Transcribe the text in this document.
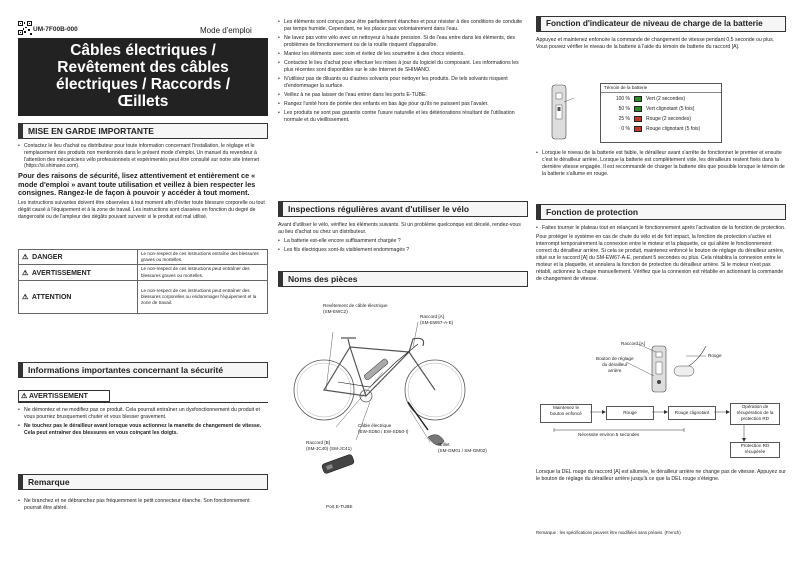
UM-7F00B-000	Mode d'emploi
Câbles électriques /
Revêtement des câbles
électriques / Raccords /
Œillets
MISE EN GARDE IMPORTANTE
• Contactez le lieu d'achat ou distributeur pour toute information concernant l'installation, le réglage et le remplacement des produits non mentionnés dans le présent mode d'emploi. Un manuel du revendeur à l'attention des mécaniciens vélo professionnels et expérimentés peut être consulté sur notre site Internet (https://si.shimano.com).
Pour des raisons de sécurité, lisez attentivement et entièrement ce « mode d'emploi » avant toute utilisation et veillez à bien respecter les consignes. Rangez-le de façon à pouvoir y accéder à tout moment.
Les instructions suivantes doivent être observées à tout moment afin d'éviter toute blessure corporelle ou tout dégât causé à l'équipement et à la zone de travail. Les instructions sont classées en fonction du degré de dangerosité ou de l'ampleur des dégâts pouvant survenir si le produit est mal utilisé.
⚠ DANGER	Le non-respect de ces instructions entraîne des blessures graves ou mortelles.
⚠ AVERTISSEMENT	Le non-respect de ces instructions peut entraîner des blessures graves ou mortelles.
⚠ ATTENTION	Le non-respect de ces instructions peut entraîner des blessures corporelles ou endommager l'équipement et la zone de travail.
Informations importantes concernant la sécurité
⚠ AVERTISSEMENT
• Ne démontez et ne modifiez pas ce produit. Cela pourrait entraîner un dysfonctionnement du produit et vous pourriez brusquement chuter et vous blesser gravement.
• Ne touchez pas le dérailleur avant lorsque vous actionnez la manette de changement de vitesse. Cela peut entraîner des blessures en vous coinçant les doigts.
Remarque
• Ne branchez et ne débranchez pas fréquemment le petit connecteur étanche. Son fonctionnement pourrait être altéré.
• Les éléments sont conçus pour être parfaitement étanches et pour résister à des conditions de conduite par temps humide. Cependant, ne les placez pas volontairement dans l'eau.
• Ne lavez pas votre vélo avec un nettoyeur à haute pression. Si de l'eau entre dans les éléments, des problèmes de fonctionnement ou de la rouille risquent d'apparaître.
• Maniez les éléments avec soin et évitez de les soumettre à des chocs violents.
• Contactez le lieu d'achat pour effectuer les mises à jour du logiciel du composant. Les informations les plus récentes sont disponibles sur le site Internet de SHIMANO.
• N'utilisez pas de diluants ou d'autres solvants pour nettoyer les produits. De tels solvants risquent d'endommager la surface.
• Veillez à ne pas laisser de l'eau entrer dans les ports E-TUBE.
• Rangez l'unité hors de portée des enfants en bas âge pour qu'ils ne puissent pas l'avaler.
• Les produits ne sont pas garantis contre l'usure naturelle et les détériorations résultant de l'utilisation normale et du vieillissement.
Inspections régulières avant d'utiliser le vélo
Avant d'utiliser le vélo, vérifiez les éléments suivants. Si un problème quelconque est décelé, rendez-vous au lieu d'achat ou chez un distributeur.
• La batterie est-elle encore suffisamment chargée ?
• Les fils électriques sont-ils visiblement endommagés ?
Noms des pièces
Revêtement de câble électrique
(SM-EWC2)
Raccord [A]
(SM-EW67-A-E)
Câble électrique
(EW-SD50 / EW-SD50-I)
Raccord [B]
(SM-JC40) (SM-JC41)
Œillet
(SM-GM01 / SM-GM02)
Port E-TUBE
Fonction d'indicateur de niveau de charge de la batterie
Appuyez et maintenez enfoncée la commande de changement de vitesse pendant 0,5 seconde ou plus. Vous pouvez vérifier le niveau de la batterie à l'aide du témoin de batterie du raccord [A].
Témoin de la batterie
100 %	Vert (2 secondes)
50 %	Vert clignotant (5 fois)
25 %	Rouge (2 secondes)
0 %	Rouge clignotant (5 fois)
• Lorsque le niveau de la batterie est faible, le dérailleur avant s'arrête de fonctionner le premier et ensuite c'est le dérailleur arrière. Lorsque la batterie est complètement vide, les dérailleurs restent fixés dans la dernière vitesse engagée. Il est recommandé de charger la batterie dès que possible lorsque le témoin de la batterie s'allume en rouge.
Fonction de protection
• Faites tourner le plateau tout en relançant le fonctionnement après l'activation de la fonction de protection.
Pour protéger le système en cas de chute du vélo et de fort impact, la fonction de protection s'active et interrompt temporairement la connexion entre le moteur et la plaquette, ce qui altère le fonctionnement correct du dérailleur arrière. Si cela se produit, maintenez enfoncé le bouton de réglage du dérailleur arrière, situé sur le raccord [A] du SM-EW67-A-E, pendant 5 secondes ou plus. Cela rétablira la connexion entre le moteur et la plaquette, et annulera la fonction de protection du dérailleur arrière. Si le moteur n'est pas rétabli, actionnez la chape manuellement. Vérifiez que la connexion est rétablie en actionnant la commande de changement de vitesse.
Raccord [A]
Bouton de réglage
du dérailleur
arrière
Rouge
Maintenez le
bouton enfoncé	Rouge	Rouge clignotant
Opération de
récupération de la
protection RD
Protection RD
récupérée
Nécessite environ 5 secondes
Lorsque la DEL rouge du raccord [A] est allumée, le dérailleur arrière ne change pas de vitesse. Appuyez sur le bouton de réglage du dérailleur arrière jusqu'à ce que la DEL rouge s'éteigne.
Remarque : les spécifications peuvent être modifiées sans préavis. (French)
